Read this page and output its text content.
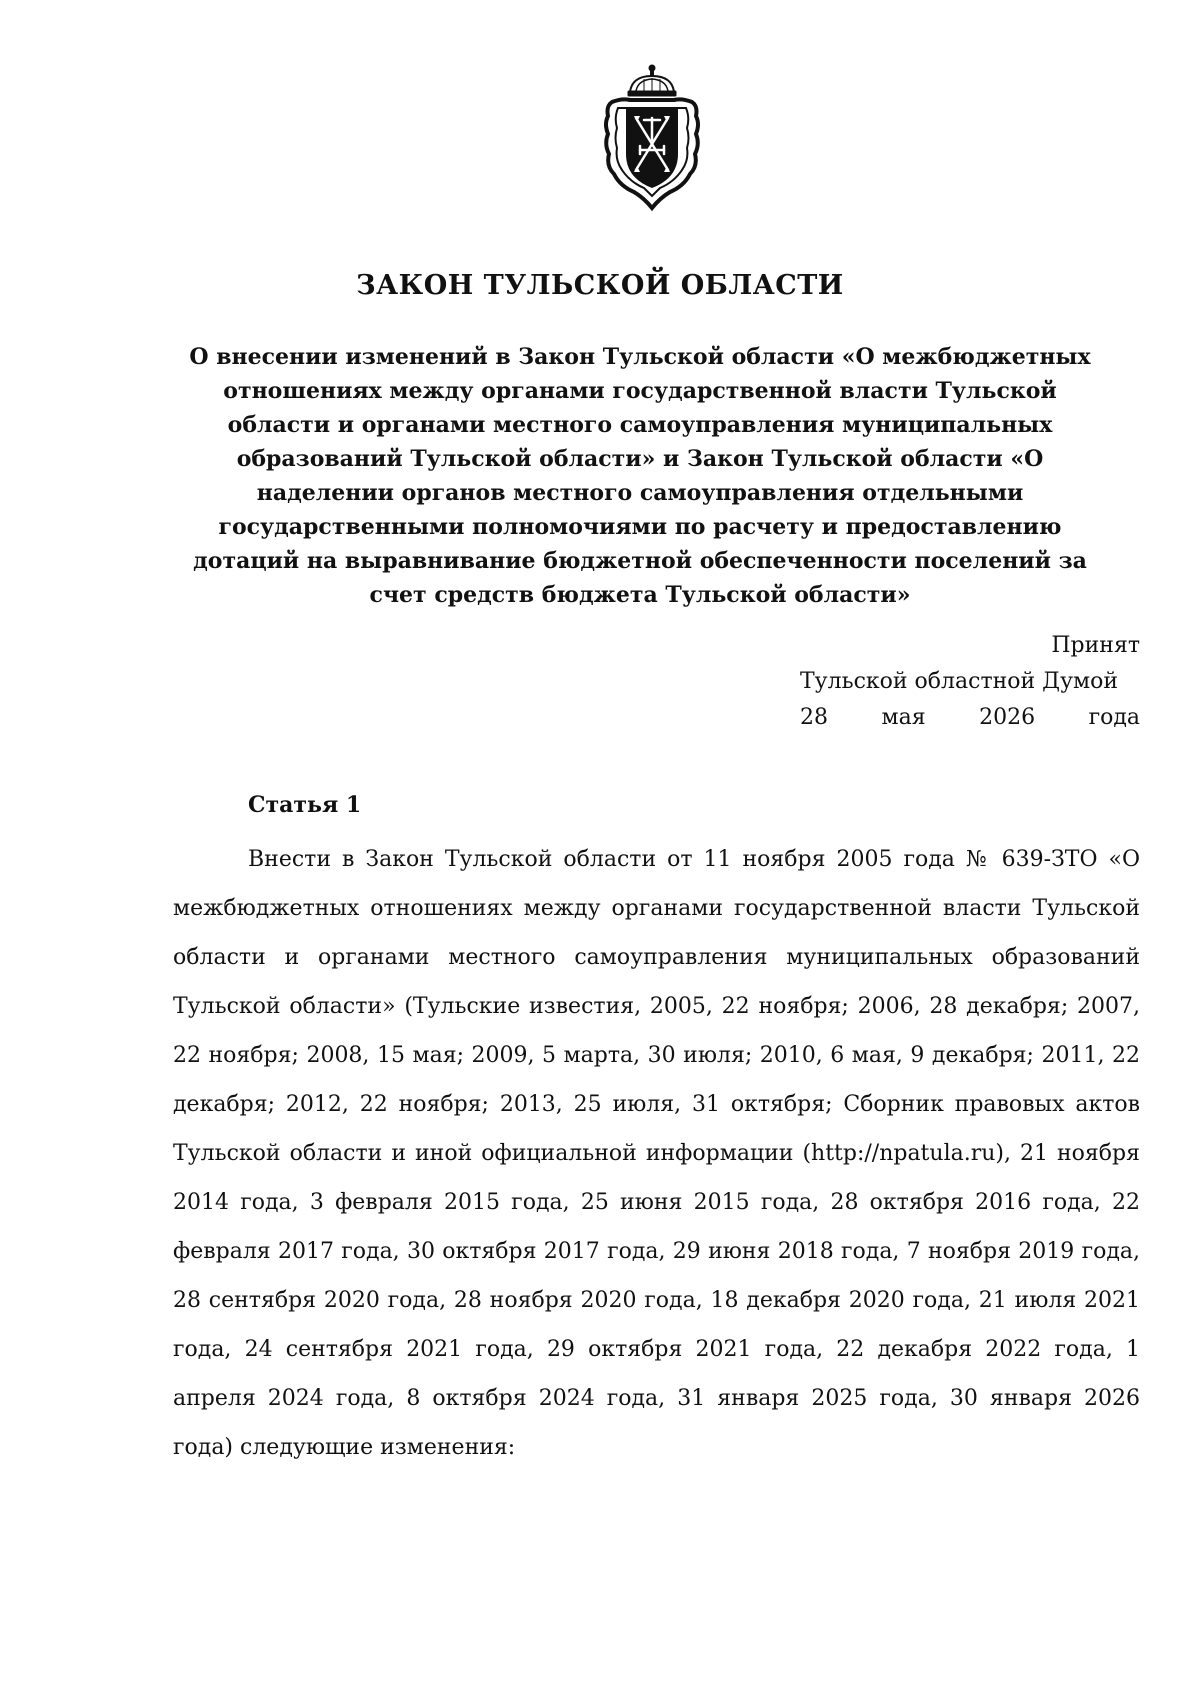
ЗАКОН ТУЛЬСКОЙ ОБЛАСТИ

О внесении изменений в Закон Тульской области «О межбюджетных отношениях между органами государственной власти Тульской области и органами местного самоуправления муниципальных образований Тульской области» и Закон Тульской области «О наделении органов местного самоуправления отдельными государственными полномочиями по расчету и предоставлению дотаций на выравнивание бюджетной обеспеченности поселений за счет средств бюджета Тульской области»

Принят
Тульской областной Думой
28 мая 2026 года
Статья 1

Внести в Закон Тульской области от 11 ноября 2005 года № 639-ЗТО «О межбюджетных отношениях между органами государственной власти Тульской области и органами местного самоуправления муниципальных образований Тульской области» (Тульские известия, 2005, 22 ноября; 2006, 28 декабря; 2007, 22 ноября; 2008, 15 мая; 2009, 5 марта, 30 июля; 2010, 6 мая, 9 декабря; 2011, 22 декабря; 2012, 22 ноября; 2013, 25 июля, 31 октября; Сборник правовых актов Тульской области и иной официальной информации (http://npatula.ru), 21 ноября 2014 года, 3 февраля 2015 года, 25 июня 2015 года, 28 октября 2016 года, 22 февраля 2017 года, 30 октября 2017 года, 29 июня 2018 года, 7 ноября 2019 года, 28 сентября 2020 года, 28 ноября 2020 года, 18 декабря 2020 года, 21 июля 2021 года, 24 сентября 2021 года, 29 октября 2021 года, 22 декабря 2022 года, 1 апреля 2024 года, 8 октября 2024 года, 31 января 2025 года, 30 января 2026 года) следующие изменения:
